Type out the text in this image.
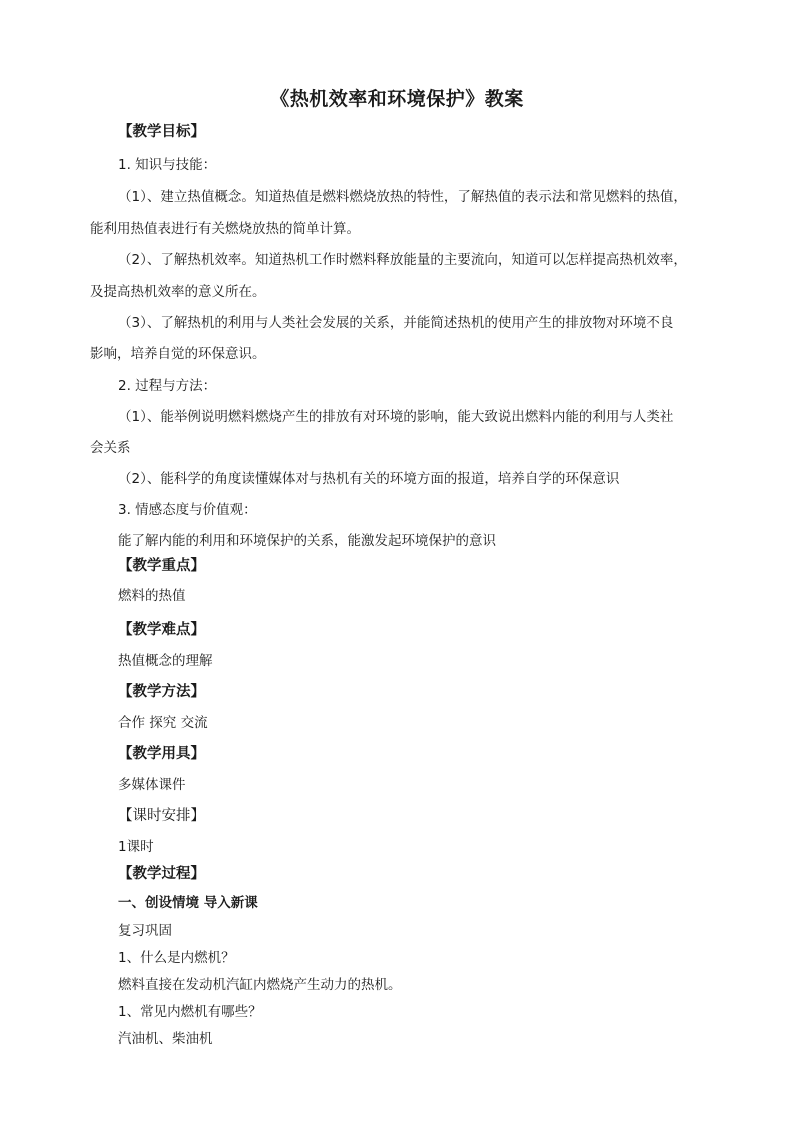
《热机效率和环境保护》教案
【教学目标】
1. 知识与技能：
（1）、建立热值概念。知道热值是燃料燃烧放热的特性，了解热值的表示法和常见燃料的热值，
能利用热值表进行有关燃烧放热的简单计算。
（2）、了解热机效率。知道热机工作时燃料释放能量的主要流向，知道可以怎样提高热机效率，
及提高热机效率的意义所在。
（3）、了解热机的利用与人类社会发展的关系，并能简述热机的使用产生的排放物对环境不良
影响，培养自觉的环保意识。
2. 过程与方法：
（1）、能举例说明燃料燃烧产生的排放有对环境的影响，能大致说出燃料内能的利用与人类社
会关系
（2）、能科学的角度读懂媒体对与热机有关的环境方面的报道，培养自学的环保意识
3. 情感态度与价值观：
能了解内能的利用和环境保护的关系，能激发起环境保护的意识
【教学重点】
燃料的热值
【教学难点】
热值概念的理解
【教学方法】
合作 探究 交流
【教学用具】
多媒体课件
【课时安排】
1课时
【教学过程】
一、创设情境 导入新课
复习巩固
1、什么是内燃机？
燃料直接在发动机汽缸内燃烧产生动力的热机。
1、常见内燃机有哪些？
汽油机、柴油机
